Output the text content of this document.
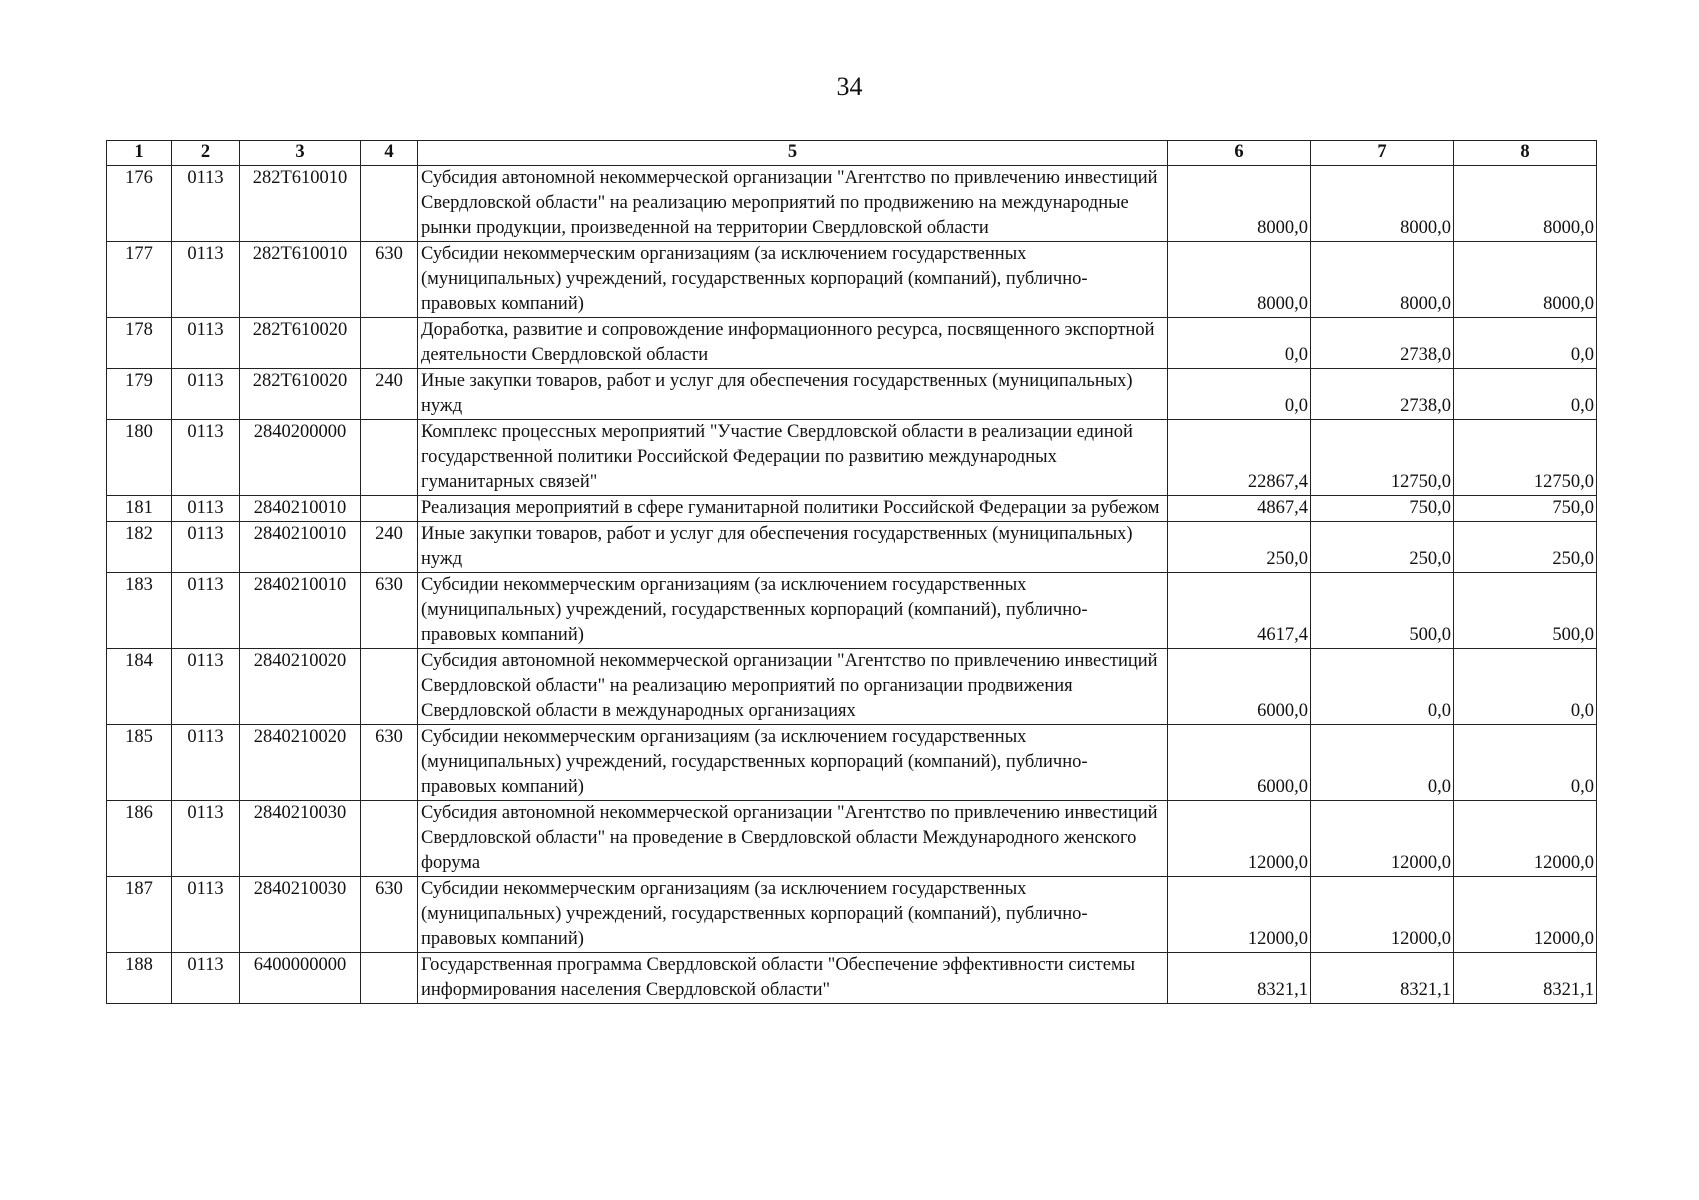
34
1	2	3	4	5	6	7	8
176	0113	282T610010		Субсидия автономной некоммерческой организации "Агентство по привлечению инвестиций Свердловской области" на реализацию мероприятий по продвижению на международные рынки продукции, произведенной на территории Свердловской области	8000,0	8000,0	8000,0
177	0113	282T610010	630	Субсидии некоммерческим организациям (за исключением государственных (муниципальных) учреждений, государственных корпораций (компаний), публично-правовых компаний)	8000,0	8000,0	8000,0
178	0113	282T610020		Доработка, развитие и сопровождение информационного ресурса, посвященного экспортной деятельности Свердловской области	0,0	2738,0	0,0
179	0113	282T610020	240	Иные закупки товаров, работ и услуг для обеспечения государственных (муниципальных) нужд	0,0	2738,0	0,0
180	0113	2840200000		Комплекс процессных мероприятий "Участие Свердловской области в реализации единой государственной политики Российской Федерации по развитию международных гуманитарных связей"	22867,4	12750,0	12750,0
181	0113	2840210010		Реализация мероприятий в сфере гуманитарной политики Российской Федерации за рубежом	4867,4	750,0	750,0
182	0113	2840210010	240	Иные закупки товаров, работ и услуг для обеспечения государственных (муниципальных) нужд	250,0	250,0	250,0
183	0113	2840210010	630	Субсидии некоммерческим организациям (за исключением государственных (муниципальных) учреждений, государственных корпораций (компаний), публично-правовых компаний)	4617,4	500,0	500,0
184	0113	2840210020		Субсидия автономной некоммерческой организации "Агентство по привлечению инвестиций Свердловской области" на реализацию мероприятий по организации продвижения Свердловской области в международных организациях	6000,0	0,0	0,0
185	0113	2840210020	630	Субсидии некоммерческим организациям (за исключением государственных (муниципальных) учреждений, государственных корпораций (компаний), публично-правовых компаний)	6000,0	0,0	0,0
186	0113	2840210030		Субсидия автономной некоммерческой организации "Агентство по привлечению инвестиций Свердловской области" на проведение в Свердловской области Международного женского форума	12000,0	12000,0	12000,0
187	0113	2840210030	630	Субсидии некоммерческим организациям (за исключением государственных (муниципальных) учреждений, государственных корпораций (компаний), публично-правовых компаний)	12000,0	12000,0	12000,0
188	0113	6400000000		Государственная программа Свердловской области "Обеспечение эффективности системы информирования населения Свердловской области"	8321,1	8321,1	8321,1
